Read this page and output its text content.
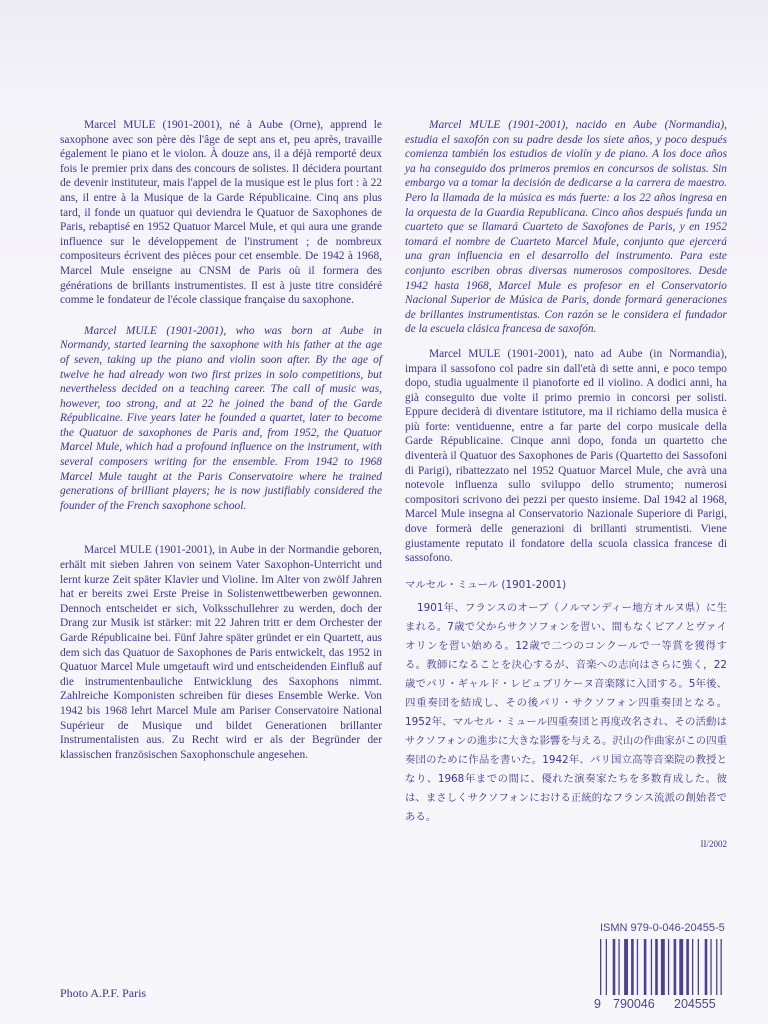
Marcel MULE (1901-2001), né à Aube (Orne), apprend le saxophone avec son père dès l'âge de sept ans et, peu après, travaille également le piano et le violon. À douze ans, il a déjà remporté deux fois le premier prix dans des concours de solistes. Il décidera pourtant de devenir instituteur, mais l'appel de la musique est le plus fort : à 22 ans, il entre à la Musique de la Garde Républicaine. Cinq ans plus tard, il fonde un quatuor qui deviendra le Quatuor de Saxophones de Paris, rebaptisé en 1952 Quatuor Marcel Mule, et qui aura une grande influence sur le développement de l'instrument ; de nombreux compositeurs écrivent des pièces pour cet ensemble. De 1942 à 1968, Marcel Mule enseigne au CNSM de Paris où il formera des générations de brillants instrumentistes. Il est à juste titre considéré comme le fondateur de l'école classique française du saxophone.

Marcel MULE (1901-2001), who was born at Aube in Normandy, started learning the saxophone with his father at the age of seven, taking up the piano and violin soon after. By the age of twelve he had already won two first prizes in solo competitions, but nevertheless decided on a teaching career. The call of music was, however, too strong, and at 22 he joined the band of the Garde Républicaine. Five years later he founded a quartet, later to become the Quatuor de saxophones de Paris and, from 1952, the Quatuor Marcel Mule, which had a profound influence on the instrument, with several composers writing for the ensemble. From 1942 to 1968 Marcel Mule taught at the Paris Conservatoire where he trained generations of brilliant players; he is now justifiably considered the founder of the French saxophone school.

Marcel MULE (1901-2001), in Aube in der Normandie geboren, erhält mit sieben Jahren von seinem Vater Saxophon-Unterricht und lernt kurze Zeit später Klavier und Violine. Im Alter von zwölf Jahren hat er bereits zwei Erste Preise in Solistenwettbewerben gewonnen. Dennoch entscheidet er sich, Volksschullehrer zu werden, doch der Drang zur Musik ist stärker: mit 22 Jahren tritt er dem Orchester der Garde Républicaine bei. Fünf Jahre später gründet er ein Quartett, aus dem sich das Quatuor de Saxophones de Paris entwickelt, das 1952 in Quatuor Marcel Mule umgetauft wird und entscheidenden Einfluß auf die instrumentenbauliche Entwicklung des Saxophons nimmt. Zahlreiche Komponisten schreiben für dieses Ensemble Werke. Von 1942 bis 1968 lehrt Marcel Mule am Pariser Conservatoire National Supérieur de Musique und bildet Generationen brillanter Instrumentalisten aus. Zu Recht wird er als der Begründer der klassischen französischen Saxophonschule angesehen.

Marcel MULE (1901-2001), nacido en Aube (Normandia), estudia el saxofón con su padre desde los siete años, y poco después comienza también los estudios de violín y de piano. A los doce años ya ha conseguido dos primeros premios en concursos de solistas. Sin embargo va a tomar la decisión de dedicarse a la carrera de maestro. Pero la llamada de la música es más fuerte: a los 22 años ingresa en la orquesta de la Guardia Republicana. Cinco años después funda un cuarteto que se llamará Cuarteto de Saxofones de Paris, y en 1952 tomará el nombre de Cuarteto Marcel Mule, conjunto que ejercerá una gran influencia en el desarrollo del instrumento. Para este conjunto escriben obras diversas numerosos compositores. Desde 1942 hasta 1968, Marcel Mule es profesor en el Conservatorio Nacional Superior de Música de Paris, donde formará generaciones de brillantes instrumentistas. Con razón se le considera el fundador de la escuela clásica francesa de saxofón.

Marcel MULE (1901-2001), nato ad Aube (in Normandia), impara il sassofono col padre sin dall'età di sette anni, e poco tempo dopo, studia ugualmente il pianoforte ed il violino. A dodici anni, ha già conseguito due volte il primo premio in concorsi per solisti. Eppure deciderà di diventare istitutore, ma il richiamo della musica è più forte: ventiduenne, entre a far parte del corpo musicale della Garde Républicaine. Cinque anni dopo, fonda un quartetto che diventerà il Quatuor des Saxophones de Paris (Quartetto dei Sassofoni di Parigi), ribattezzato nel 1952 Quatuor Marcel Mule, che avrà una notevole influenza sullo sviluppo dello strumento; numerosi compositori scrivono dei pezzi per questo insieme. Dal 1942 al 1968, Marcel Mule insegna al Conservatorio Nazionale Superiore di Parigi, dove formerà delle generazioni di brillanti strumentisti. Viene giustamente reputato il fondatore della scuola classica francese di sassofono.

マルセル・ミュール (1901-2001)

1901年、フランスのオーブ（ノルマンディー地方オルヌ県）に生まれる。7歳で父からサクソフォンを習い、間もなくピアノとヴァイオリンを習い始める。12歳で二つのコンクールで一等賞を獲得する。教師になることを決心するが、音楽への志向はさらに強く，22歳でパリ・ギャルド・レピュブリケーヌ音楽隊に入団する。5年後、四重奏団を結成し、その後パリ・サクソフォン四重奏団となる。1952年、マルセル・ミュール四重奏団と再度改名され、その活動はサクソフォンの進歩に大きな影響を与える。沢山の作曲家がこの四重奏団のために作品を書いた。1942年、パリ国立高等音楽院の教授となり、1968年までの間に、優れた演奏家たちを多数育成した。彼は、まさしくサクソフォンにおける正統的なフランス流派の創始者である。

II/2002
ISMN 979-0-046-20455-5
9 790046 204555
Photo A.P.F. Paris
